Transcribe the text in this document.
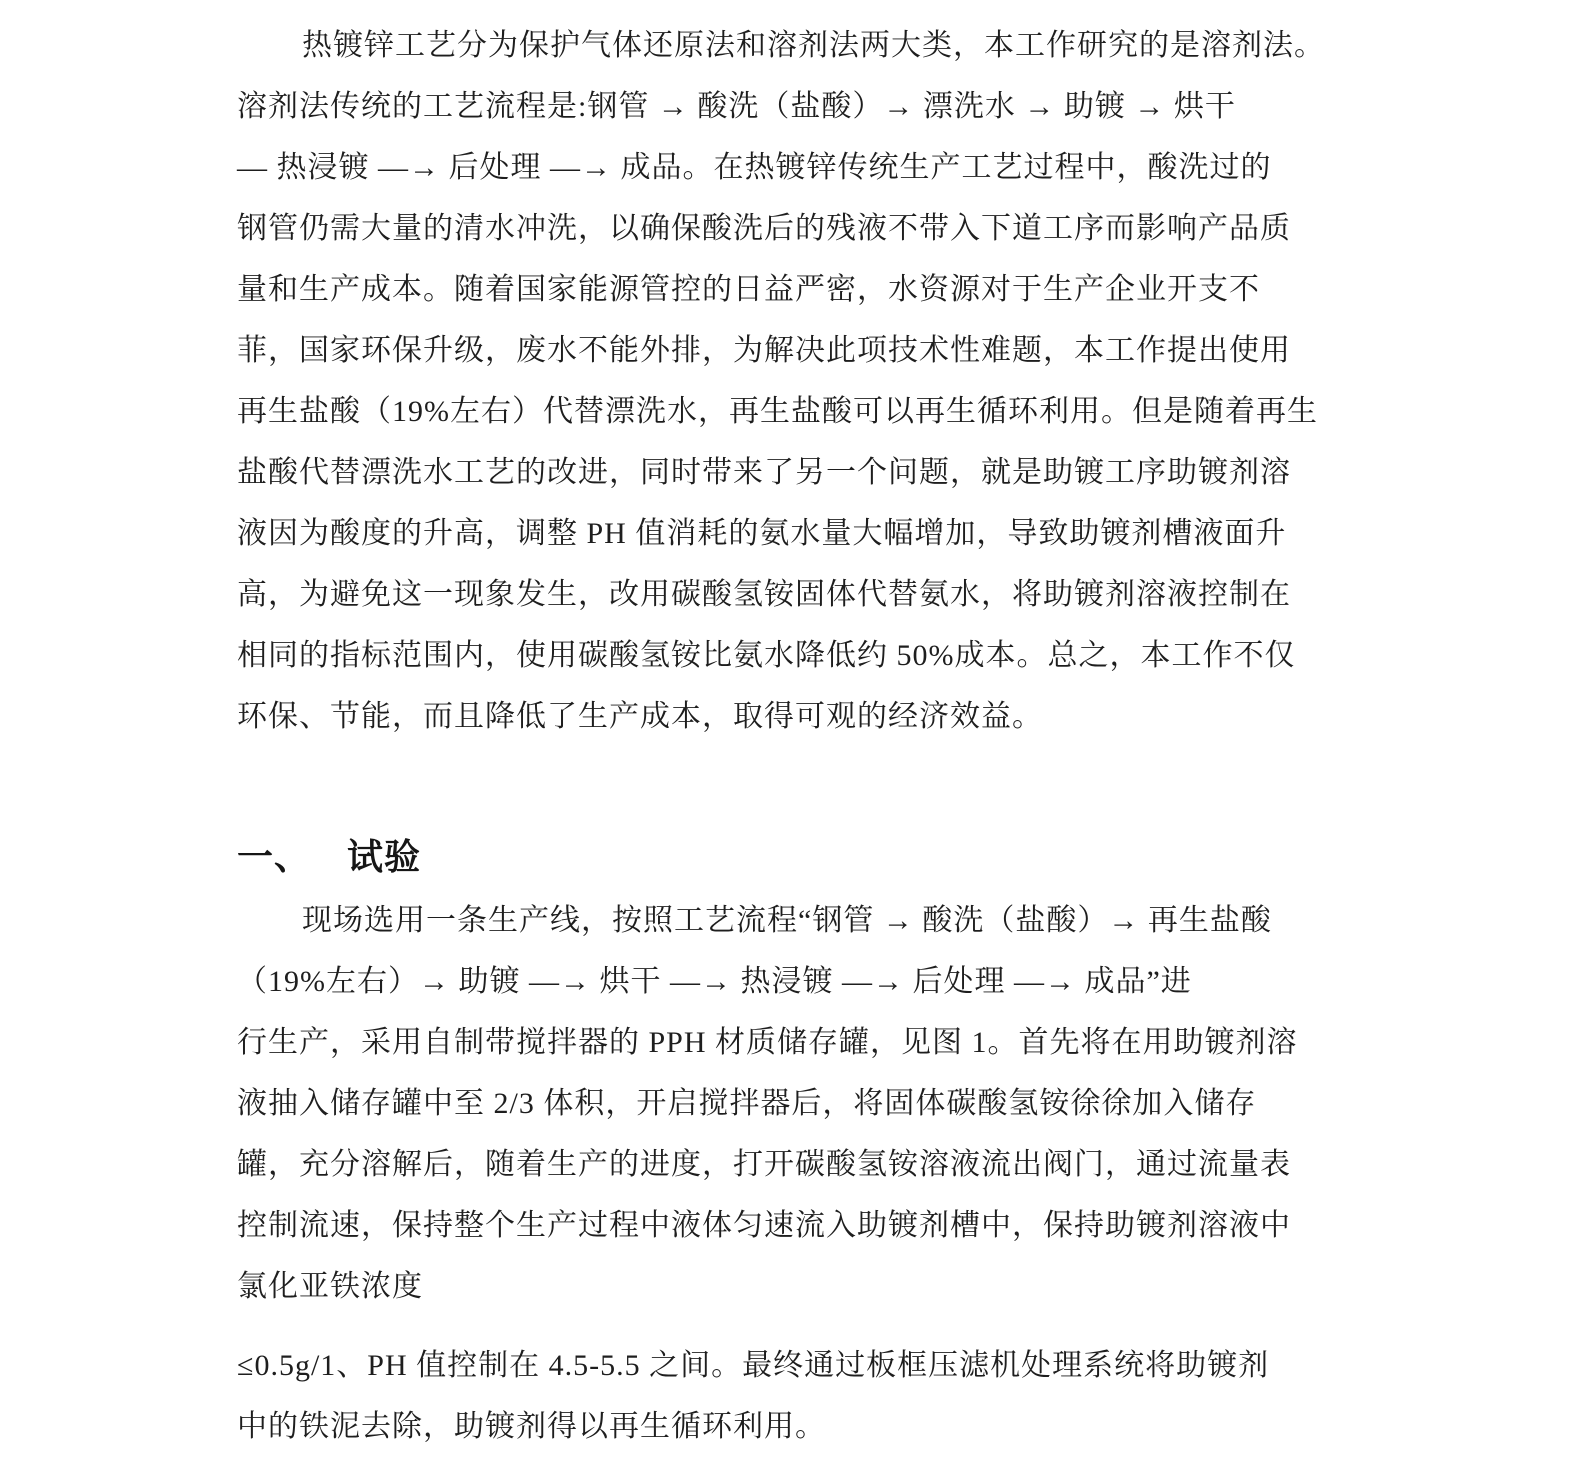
热镀锌工艺分为保护气体还原法和溶剂法两大类，本工作研究的是溶剂法。
溶剂法传统的工艺流程是:钢管 → 酸洗（盐酸）→ 漂洗水 → 助镀 → 烘干
— 热浸镀 —→ 后处理 —→ 成品。在热镀锌传统生产工艺过程中，酸洗过的
钢管仍需大量的清水冲洗，以确保酸洗后的残液不带入下道工序而影响产品质
量和生产成本。随着国家能源管控的日益严密，水资源对于生产企业开支不
菲，国家环保升级，废水不能外排，为解决此项技术性难题，本工作提出使用
再生盐酸（19%左右）代替漂洗水，再生盐酸可以再生循环利用。但是随着再生
盐酸代替漂洗水工艺的改进，同时带来了另一个问题，就是助镀工序助镀剂溶
液因为酸度的升高，调整 PH 值消耗的氨水量大幅增加，导致助镀剂槽液面升
高，为避免这一现象发生，改用碳酸氢铵固体代替氨水，将助镀剂溶液控制在
相同的指标范围内，使用碳酸氢铵比氨水降低约 50%成本。总之，本工作不仅
环保、节能，而且降低了生产成本，取得可观的经济效益。
一、 试验
现场选用一条生产线，按照工艺流程“钢管 → 酸洗（盐酸）→ 再生盐酸
（19%左右）→ 助镀 —→ 烘干 —→ 热浸镀 —→ 后处理 —→ 成品”进
行生产，采用自制带搅拌器的 PPH 材质储存罐，见图 1。首先将在用助镀剂溶
液抽入储存罐中至 2/3 体积，开启搅拌器后，将固体碳酸氢铵徐徐加入储存
罐，充分溶解后，随着生产的进度，打开碳酸氢铵溶液流出阀门，通过流量表
控制流速，保持整个生产过程中液体匀速流入助镀剂槽中，保持助镀剂溶液中
氯化亚铁浓度
≤0.5g/1、PH 值控制在 4.5-5.5 之间。最终通过板框压滤机处理系统将助镀剂
中的铁泥去除，助镀剂得以再生循环利用。
